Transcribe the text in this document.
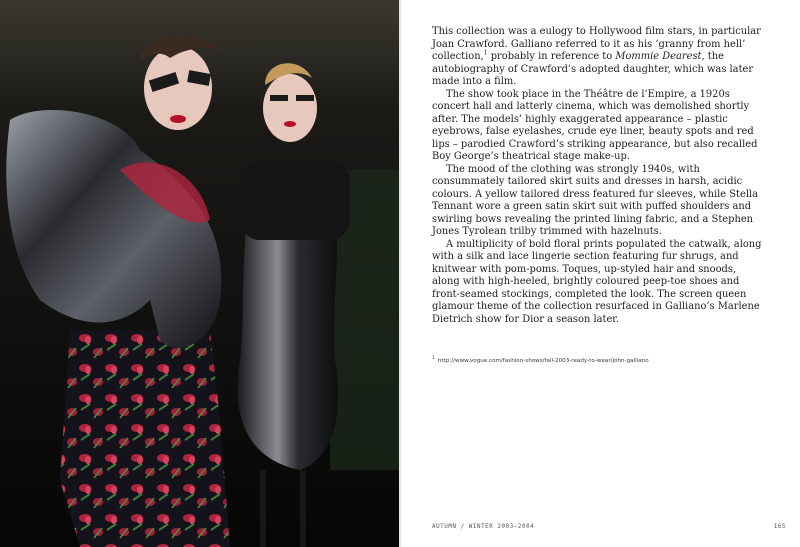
This collection was a eulogy to Hollywood film stars, in particular Joan Crawford. Galliano referred to it as his ‘granny from hell’ collection,$^1$ probably in reference to Mommie Dearest, the autobiography of Crawford’s adopted daughter, which was later made into a film.

The show took place in the Théâtre de l’Empire, a 1920s concert hall and latterly cinema, which was demolished shortly after. The models’ highly exaggerated appearance – plastic eyebrows, false eyelashes, crude eye liner, beauty spots and red lips – parodied Crawford’s striking appearance, but also recalled Boy George’s theatrical stage make-up.

The mood of the clothing was strongly 1940s, with consummately tailored skirt suits and dresses in harsh, acidic colours. A yellow tailored dress featured fur sleeves, while Stella Tennant wore a green satin skirt suit with puffed shoulders and swirling bows revealing the printed lining fabric, and a Stephen Jones Tyrolean trilby trimmed with hazelnuts.

A multiplicity of bold floral prints populated the catwalk, along with a silk and lace lingerie section featuring fur shrugs, and knitwear with pom-poms. Toques, up-styled hair and snoods, along with high-heeled, brightly coloured peep-toe shoes and front-seamed stockings, completed the look. The screen queen glamour theme of the collection resurfaced in Galliano’s Marlene Dietrich show for Dior a season later.

$^1$ http://www.vogue.com/fashion-shows/fall-2003-ready-to-wear/john-galliano
AUTUMN / WINTER 2003–2004	165
